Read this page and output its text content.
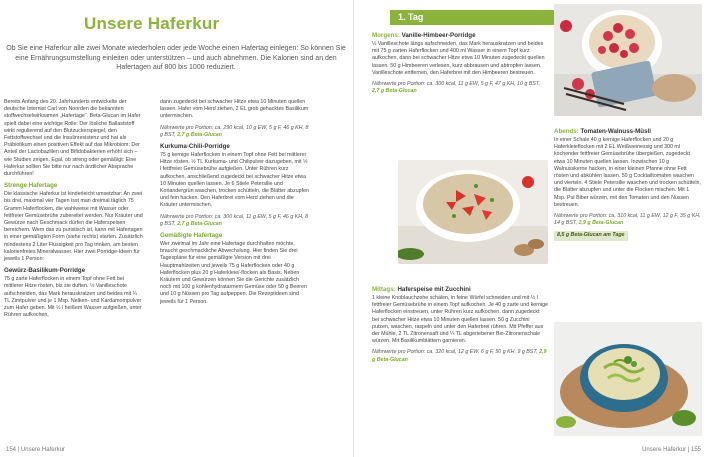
Unsere Haferkur
Ob Sie eine Haferkur alle zwei Monate wiederholen oder jede Woche einen Hafertag einlegen: So können Sie eine Ernährungsumstellung einleiten oder unterstützen – und auch abnehmen. Die Kalorien sind an den Hafertagen auf 800 bis 1000 reduziert.

Bereits Anfang des 20. Jahrhunderts entwickelte der deutsche Internist Carl von Noorden die bekannten stoffwechselwirksamen „Hafertage“. Beta-Glucan im Hafer spielt dabei eine wichtige Rolle: Der lösliche Ballaststoff wirkt regulierend auf den Blutzuckerspiegel, den Fettstoffwechsel und die Insulinresistenz und hat als Präbiotikum einen positiven Effekt auf das Mikrobiom: Der Anteil der Lactobazillen und Bifidobakterien erhöht sich – wie Studien zeigen. Egal, ob streng oder gemäßigt: Eine Haferkur sollten Sie bitte nur nach ärztlicher Absprache durchführen!

Strenge Hafertage

Die klassische Haferkur ist kinderleicht umsetzbar: An zwei bis drei, maximal vier Tagen isst man dreimal täglich 75 Gramm Haferflocken, die wahlweise mit Wasser oder fettfreier Gemüsebrühe zubereitet werden. Nur Kräuter und Gewürze nach Geschmack dürfen die Haferspeisen bereichern. Wem das zu puristisch ist, kann mit Hafertagen in einer gemäßigten Form (siehe rechts) starten. Zusätzlich mindestens 2 Liter Flüssigkeit pro Tag trinken, am besten kalorienfreies Mineralwasser. Hier zwei Porridge-Ideen für jeweils 1 Person:

Gewürz-Basilikum-Porridge

75 g zarte Haferflocken in einem Topf ohne Fett bei mittlerer Hitze rösten, bis sie duften. ½ Vanilleschote aufschneiden, das Mark herauskratzen und beides mit ¼ TL Zimtpulver und je 1 Msp. Nelken- und Kardamompulver zum Hafer geben. Mit ½ l heißem Wasser aufgießen, unter Rühren aufkochen,

dann zugedeckt bei schwacher Hitze etwa 10 Minuten quellen lassen. Hafer vom Herd ziehen, 2 EL grob gehacktes Basilikum untermischen.

Nährwerte pro Portion: ca. 290 kcal, 10 g EW, 5 g F, 46 g KH, 8 g BST, 2,7 g Beta-Glucan

Kurkuma-Chili-Porridge

75 g kernige Haferflocken in einem Topf ohne Fett bei mittlerer Hitze rösten. ½ TL Kurkuma- und Chilipulver dazugeben, mit ½ l fettfreier Gemüsebrühe aufgießen. Unter Rühren kurz aufkochen, anschließend zugedeckt bei schwacher Hitze etwa 10 Minuten quellen lassen. Je 6 Stiele Petersilie und Koriandergrün waschen, trocken schütteln, die Blätter abzupfen und fein hacken. Den Haferbrei vom Herd ziehen und die Kräuter untermischen.

Nährwerte pro Portion: ca. 300 kcal, 11 g EW, 5 g F, 46 g KH, 8 g BST, 2,7 g Beta-Glucan

Gemäßigte Hafertage

Wer zweimal im Jahr eine Hafertage durchhalten möchte, braucht geschmackliche Abwechslung. Hier finden Sie drei Tagespläne für eine gemäßigte Version mit drei Hauptmahlzeiten und jeweils 75 g Haferflocken oder 40 g Haferflocken plus 20 g Haferkleie/-flocken als Basis. Neben Kräutern und Gewürzen können Sie die Gerichte zusätzlich noch mit 100 g kohlenhydratarmem Gemüse oder 50 g Beeren und 10 g Nüssen pro Tag aufpeppen. Die Rezeptideen sind jeweils für 1 Person.

154 | Unsere Haferkur
1. Tag
Morgens: Vanille-Himbeer-Porridge

½ Vanilleschote längs aufschneiden, das Mark herauskratzen und beides mit 75 g zarten Haferflocken und 400 ml Wasser in einem Topf kurz aufkochen, dann bei schwacher Hitze etwa 10 Minuten zugedeckt quellen lassen. 50 g Himbeeren verlesen, kurz abbrausen und abtropfen lassen. Vanilleschote entfernen, den Haferbrei mit den Himbeeren bestreuen.

Nährwerte pro Portion: ca. 300 kcal, 11 g EW, 5 g F, 47 g KH, 10 g BST, 2,7 g Beta-Glucan

Abends: Tomaten-Walnuss-Müsli

In einer Schale 40 g kernige Haferflocken und 20 g Haferkleieflocken mit 2 EL Weißweinessig und 300 ml kochender fettfreier Gemüsebrühe übergießen, zugedeckt etwa 10 Minuten quellen lassen. Inzwischen 10 g Walnusskerne hacken, in einer kleinen Pfanne ohne Fett rösten und abkühlen lassen. 50 g Cocktailtomaten waschen und vierteln. 4 Stiele Petersilie waschen und trocken schütteln, die Blätter abzupfen und unter die Flocken mischen. Mit 1 Msp. Pul Biber würzen, mit den Tomaten und den Nüssen bestreuen.

Nährwerte pro Portion: ca. 310 kcal, 11 g EW, 12 g F, 35 g KH, 14 g BST, 2,9 g Beta-Glucan

8,5 g Beta-Glucan am Tage

Mittags: Haferspeise mit Zucchini

1 kleine Knoblauchzehe schälen, in feine Würfel schneiden und mit ½ l fettfreier Gemüsebrühe in einem Topf aufkochen. Je 40 g zarte und kernige Haferflocken einstreuen, unter Rühren kurz aufkochen, dann zugedeckt bei schwacher Hitze etwa 10 Minuten quellen lassen. 50 g Zucchini putzen, waschen, raspeln und unter den Haferbrei rühren. Mit Pfeffer aus der Mühle, 2 TL Zitronensaft und ¼ TL abgeriebener Bio-Zitronenschale würzen. Mit Basilikumblättern garnieren.

Nährwerte pro Portion: ca. 320 kcal, 12 g EW, 6 g F, 50 g KH, 9 g BST, 2,9 g Beta-Glucan

Unsere Haferkur | 155
